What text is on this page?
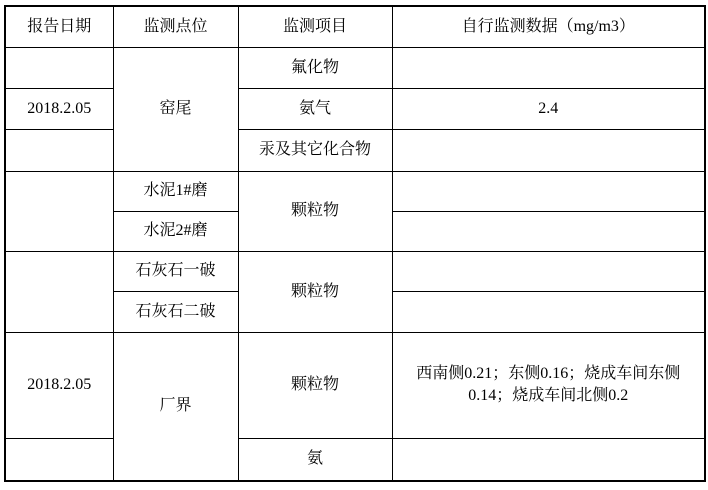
报告日期	监测点位	监测项目	自行监测数据（mg/m3）
	窑尾	氟化物	
2018.2.05		氨气	2.4
		汞及其它化合物	
	水泥1#磨	颗粒物	
	水泥2#磨		
	石灰石一破	颗粒物	
	石灰石二破		
2018.2.05	厂界	颗粒物	西南侧0.21；东侧0.16；烧成车间东侧0.14；烧成车间北侧0.2
		氨	
